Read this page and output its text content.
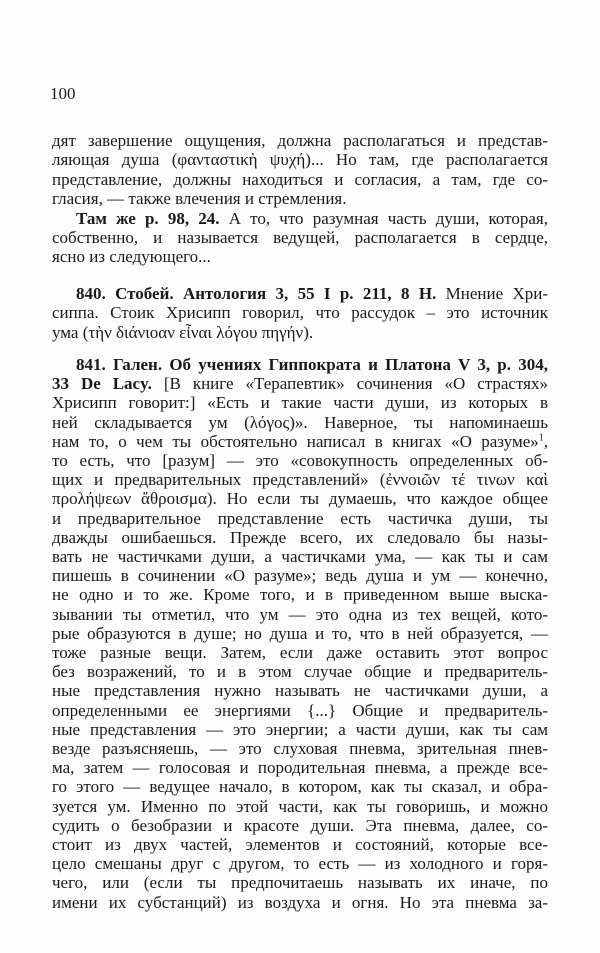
100
дят завершение ощущения, должна располагаться и представ-
ляющая душа (φανταστικὴ ψυχή)... Но там, где располагается
представление, должны находиться и согласия, а там, где со-
гласия, — также влечения и стремления.
Там же p. 98, 24. А то, что разумная часть души, которая,
собственно, и называется ведущей, располагается в сердце,
ясно из следующего...
840. Стобей. Антология 3, 55 I p. 211, 8 H. Мнение Хри-
сиппа. Стоик Хрисипп говорил, что рассудок – это источник
ума (τὴν διάνιοαν εἶναι λόγου πηγήν).
841. Гален. Об учениях Гиппократа и Платона V 3, p. 304,
33 De Lacy. [В книге «Терапевтик» сочинения «О страстях»
Хрисипп говорит:] «Есть и такие части души, из которых в
ней складывается ум (λόγος)». Наверное, ты напоминаешь
нам то, о чем ты обстоятельно написал в книгах «О разуме»$^1$,
то есть, что [разум] — это «совокупность определенных об-
щих и предварительных представлений» (ἐννοιῶν τέ τινων καὶ
προλήψεων ἄθροισμα). Но если ты думаешь, что каждое общее
и предварительное представление есть частичка души, ты
дважды ошибаешься. Прежде всего, их следовало бы назы-
вать не частичками души, а частичками ума, — как ты и сам
пишешь в сочинении «О разуме»; ведь душа и ум — конечно,
не одно и то же. Кроме того, и в приведенном выше выска-
зывании ты отметил, что ум — это одна из тех вещей, кото-
рые образуются в душе; но душа и то, что в ней образуется, —
тоже разные вещи. Затем, если даже оставить этот вопрос
без возражений, то и в этом случае общие и предваритель-
ные представления нужно называть не частичками души, а
определенными ее энергиями {...} Общие и предваритель-
ные представления — это энергии; а части души, как ты сам
везде разъясняешь, — это слуховая пневма, зрительная пнев-
ма, затем — голосовая и породительная пневма, а прежде все-
го этого — ведущее начало, в котором, как ты сказал, и обра-
зуется ум. Именно по этой части, как ты говоришь, и можно
судить о безобразии и красоте души. Эта пневма, далее, со-
стоит из двух частей, элементов и состояний, которые все-
цело смешаны друг с другом, то есть — из холодного и горя-
чего, или (если ты предпочитаешь называть их иначе, по
имени их субстанций) из воздуха и огня. Но эта пневма за-
